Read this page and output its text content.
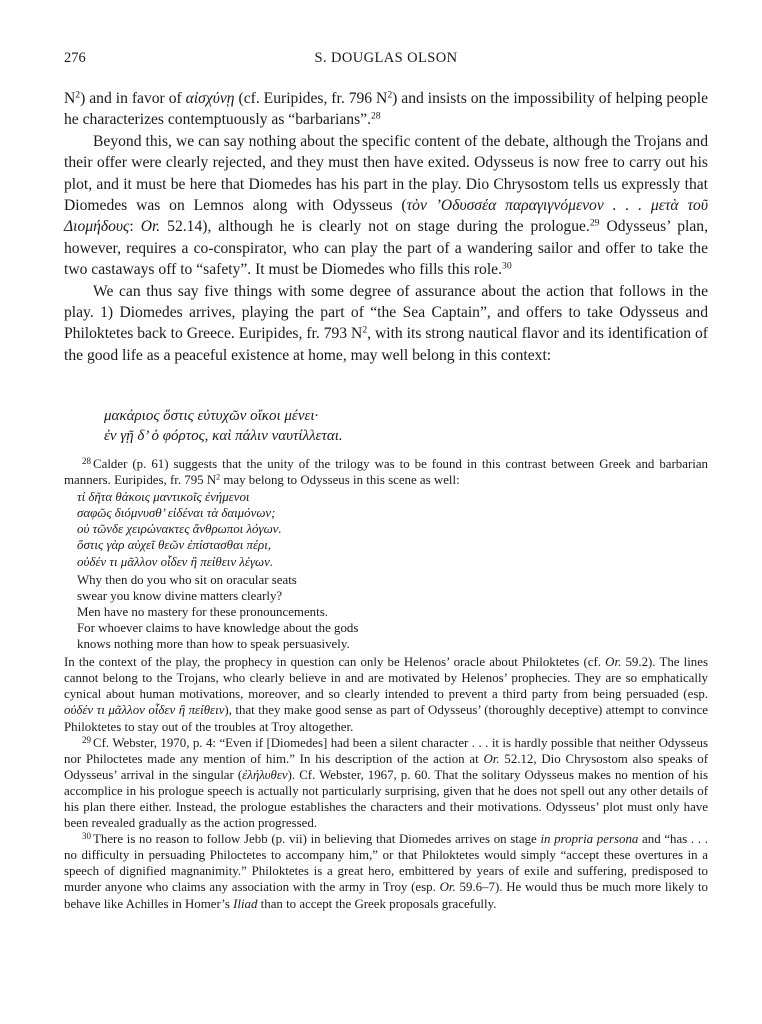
276	S. DOUGLAS OLSON

$N^2$) and in favor of αἰσχύνῃ (cf. Euripides, fr. 796 $N^2$) and insists on the impossibility of helping people he characterizes contemptuously as “barbarians”.$^{28}$

Beyond this, we can say nothing about the specific content of the debate, although the Trojans and their offer were clearly rejected, and they must then have exited. Odysseus is now free to carry out his plot, and it must be here that Diomedes has his part in the play. Dio Chrysostom tells us expressly that Diomedes was on Lemnos along with Odysseus (τὸν ’Οδυσσέα παραγιγνόμενον . . . μετὰ τοῦ Διομήδους: Or. 52.14), although he is clearly not on stage during the prologue.$^{29}$ Odysseus’ plan, however, requires a co-conspirator, who can play the part of a wandering sailor and offer to take the two castaways off to “safety”. It must be Diomedes who fills this role.$^{30}$

We can thus say five things with some degree of assurance about the action that follows in the play. 1) Diomedes arrives, playing the part of “the Sea Captain”, and offers to take Odysseus and Philoktetes back to Greece. Euripides, fr. 793 $N^2$, with its strong nautical flavor and its identification of the good life as a peaceful existence at home, may well belong in this context:

μακάριος ὅστις εὐτυχῶν οἴκοι μένει·
ἐν γῇ δ’ ὁ φόρτος, καὶ πάλιν ναυτίλλεται.

$^{28}$ Calder (p. 61) suggests that the unity of the trilogy was to be found in this contrast between Greek and barbarian manners. Euripides, fr. 795 $N^2$ may belong to Odysseus in this scene as well:

τί δῆτα θάκοις μαντικοῖς ἐνήμενοι
σαφῶς διόμνυσθ’ εἰδέναι τὰ δαιμόνων;
οὐ τῶνδε χειρώνακτες ἄνθρωποι λόγων.
ὅστις γὰρ αὐχεῖ θεῶν ἐπίστασθαι πέρι,
οὐδέν τι μᾶλλον οἶδεν ἢ πείθειν λέγων.
Why then do you who sit on oracular seats
swear you know divine matters clearly?
Men have no mastery for these pronouncements.
For whoever claims to have knowledge about the gods
knows nothing more than how to speak persuasively.

In the context of the play, the prophecy in question can only be Helenos’ oracle about Philoktetes (cf. Or. 59.2). The lines cannot belong to the Trojans, who clearly believe in and are motivated by Helenos’ prophecies. They are so emphatically cynical about human motivations, moreover, and so clearly intended to prevent a third party from being persuaded (esp. οὐδέν τι μᾶλλον οἶδεν ἢ πείθειν), that they make good sense as part of Odysseus’ (thoroughly deceptive) attempt to convince Philoktetes to stay out of the troubles at Troy altogether.

$^{29}$ Cf. Webster, 1970, p. 4: “Even if [Diomedes] had been a silent character . . . it is hardly possible that neither Odysseus nor Philoctetes made any mention of him.” In his description of the action at Or. 52.12, Dio Chrysostom also speaks of Odysseus’ arrival in the singular (ἐλήλυθεν). Cf. Webster, 1967, p. 60. That the solitary Odysseus makes no mention of his accomplice in his prologue speech is actually not particularly surprising, given that he does not spell out any other details of his plan there either. Instead, the prologue establishes the characters and their motivations. Odysseus’ plot must only have been revealed gradually as the action progressed.

$^{30}$ There is no reason to follow Jebb (p. vii) in believing that Diomedes arrives on stage in propria persona and “has . . . no difficulty in persuading Philoctetes to accompany him,” or that Philoktetes would simply “accept these overtures in a speech of dignified magnanimity.” Philoktetes is a great hero, embittered by years of exile and suffering, predisposed to murder anyone who claims any association with the army in Troy (esp. Or. 59.6–7). He would thus be much more likely to behave like Achilles in Homer’s Iliad than to accept the Greek proposals gracefully.
